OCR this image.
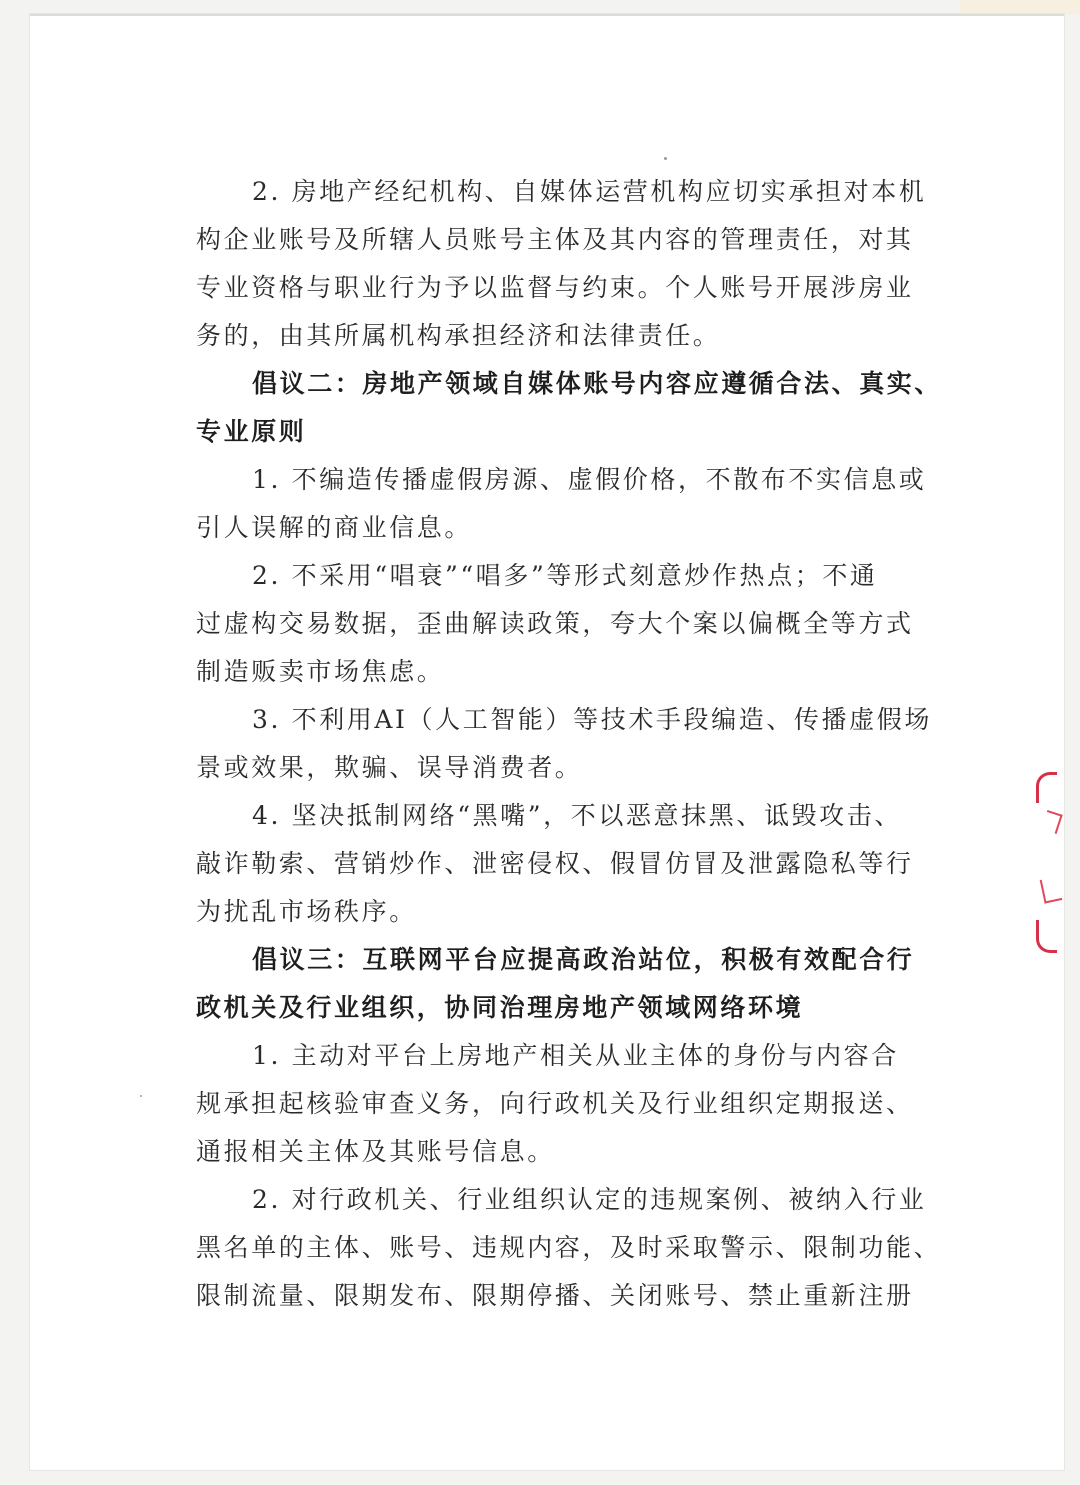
2. 房地产经纪机构、自媒体运营机构应切实承担对本机
构企业账号及所辖人员账号主体及其内容的管理责任，对其
专业资格与职业行为予以监督与约束。个人账号开展涉房业
务的，由其所属机构承担经济和法律责任。
倡议二：房地产领域自媒体账号内容应遵循合法、真实、
专业原则
1. 不编造传播虚假房源、虚假价格，不散布不实信息或
引人误解的商业信息。
2. 不采用“唱衰”“唱多”等形式刻意炒作热点；不通
过虚构交易数据，歪曲解读政策，夸大个案以偏概全等方式
制造贩卖市场焦虑。
3. 不利用AI（人工智能）等技术手段编造、传播虚假场
景或效果，欺骗、误导消费者。
4. 坚决抵制网络“黑嘴”，不以恶意抹黑、诋毁攻击、
敲诈勒索、营销炒作、泄密侵权、假冒仿冒及泄露隐私等行
为扰乱市场秩序。
倡议三：互联网平台应提高政治站位，积极有效配合行
政机关及行业组织，协同治理房地产领域网络环境
1. 主动对平台上房地产相关从业主体的身份与内容合
规承担起核验审查义务，向行政机关及行业组织定期报送、
通报相关主体及其账号信息。
2. 对行政机关、行业组织认定的违规案例、被纳入行业
黑名单的主体、账号、违规内容，及时采取警示、限制功能、
限制流量、限期发布、限期停播、关闭账号、禁止重新注册
